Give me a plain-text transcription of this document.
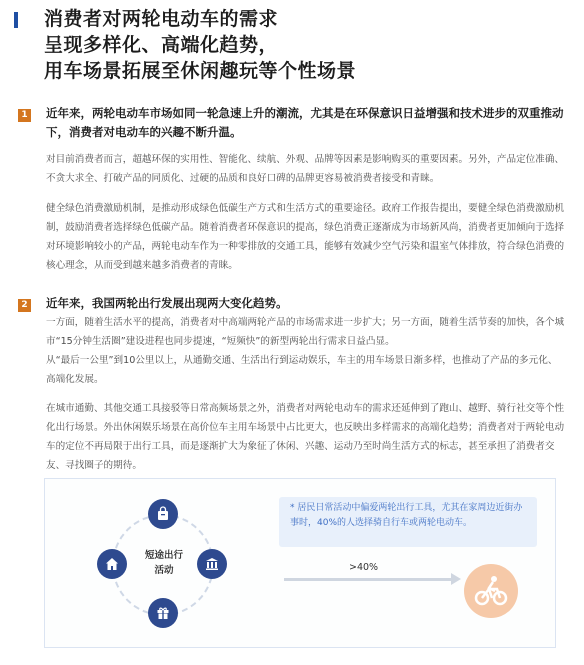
消费者对两轮电动车的需求
呈现多样化、高端化趋势，
用车场景拓展至休闲趣玩等个性场景
1 近年来，两轮电动车市场如同一轮急速上升的潮流，尤其是在环保意识日益增强和技术进步的双重推动下，消费者对电动车的兴趣不断升温。
对目前消费者而言，超越环保的实用性、智能化、续航、外观、品牌等因素是影响购买的重要因素。另外，产品定位准确、不贪大求全、打破产品的同质化、过硬的品质和良好口碑的品牌更容易被消费者接受和青睐。
健全绿色消费激励机制，是推动形成绿色低碳生产方式和生活方式的重要途径。政府工作报告提出，要健全绿色消费激励机制，鼓励消费者选择绿色低碳产品。随着消费者环保意识的提高，绿色消费正逐渐成为市场新风尚，消费者更加倾向于选择对环境影响较小的产品，两轮电动车作为一种零排放的交通工具，能够有效减少空气污染和温室气体排放，符合绿色消费的核心理念，从而受到越来越多消费者的青睐。
2 近年来，我国两轮出行发展出现两大变化趋势。
一方面，随着生活水平的提高，消费者对中高端两轮产品的市场需求进一步扩大；另一方面，随着生活节奏的加快，各个城市“15分钟生活圈”建设进程也同步提速，“短频快”的新型两轮出行需求日益凸显。
从“最后一公里”到10公里以上，从通勤交通、生活出行到运动娱乐，车主的用车场景日渐多样，也推动了产品的多元化、高端化发展。
在城市通勤、其他交通工具接驳等日常高频场景之外，消费者对两轮电动车的需求还延伸到了跑山、越野、骑行社交等个性化出行场景。外出休闲娱乐场景在高价位车主用车场景中占比更大，也反映出多样需求的高端化趋势；消费者对于两轮电动车的定位不再局限于出行工具，而是逐渐扩大为象征了休闲、兴趣、运动乃至时尚生活方式的标志，甚至承担了消费者交友、寻找圈子的期待。
短途出行
活动
* 居民日常活动中偏爱两轮出行工具，尤其在家周边近街办事时，40%的人选择骑自行车或两轮电动车。
>40%
